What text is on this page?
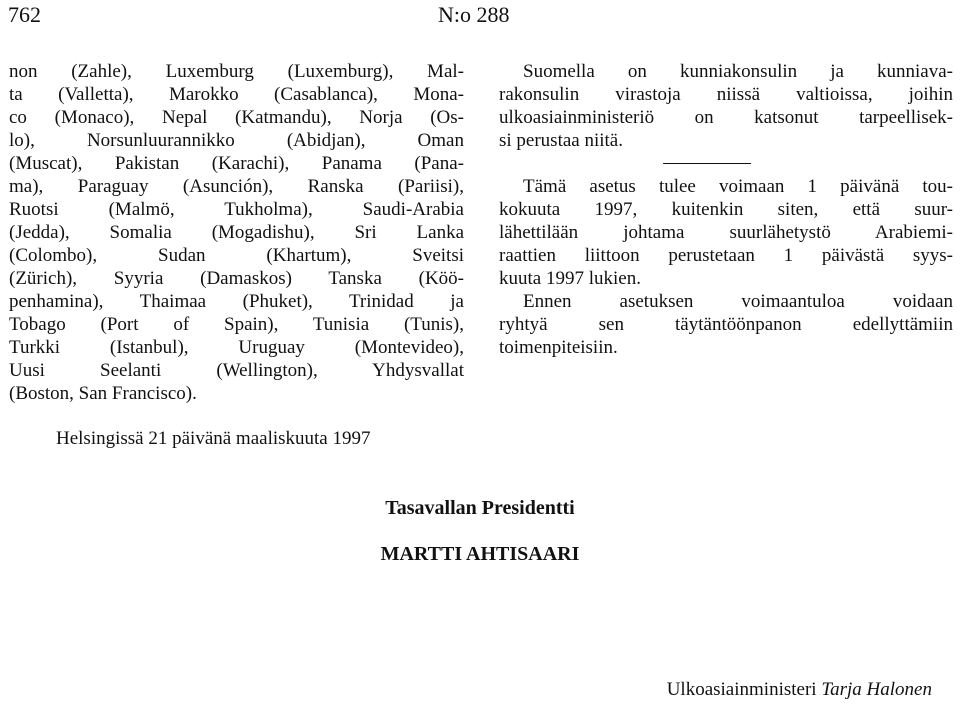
762	N:o 288
non (Zahle), Luxemburg (Luxemburg), Mal-
ta (Valletta), Marokko (Casablanca), Mona-
co (Monaco), Nepal (Katmandu), Norja (Os-
lo), Norsunluurannikko (Abidjan), Oman
(Muscat), Pakistan (Karachi), Panama (Pana-
ma), Paraguay (Asunción), Ranska (Pariisi),
Ruotsi (Malmö, Tukholma), Saudi-Arabia
(Jedda), Somalia (Mogadishu), Sri Lanka
(Colombo), Sudan (Khartum), Sveitsi
(Zürich), Syyria (Damaskos) Tanska (Köö-
penhamina), Thaimaa (Phuket), Trinidad ja
Tobago (Port of Spain), Tunisia (Tunis),
Turkki (Istanbul), Uruguay (Montevideo),
Uusi Seelanti (Wellington), Yhdysvallat
(Boston, San Francisco).
Suomella on kunniakonsulin ja kunniava-
rakonsulin virastoja niissä valtioissa, joihin
ulkoasiainministeriö on katsonut tarpeellisek-
si perustaa niitä.
Tämä asetus tulee voimaan 1 päivänä tou-
kokuuta 1997, kuitenkin siten, että suur-
lähettilään johtama suurlähetystö Arabiemi-
raattien liittoon perustetaan 1 päivästä syys-
kuuta 1997 lukien.
Ennen asetuksen voimaantuloa voidaan
ryhtyä sen täytäntöönpanon edellyttämiin
toimenpiteisiin.
Helsingissä 21 päivänä maaliskuuta 1997
Tasavallan Presidentti
MARTTI AHTISAARI
Ulkoasiainministeri Tarja Halonen
